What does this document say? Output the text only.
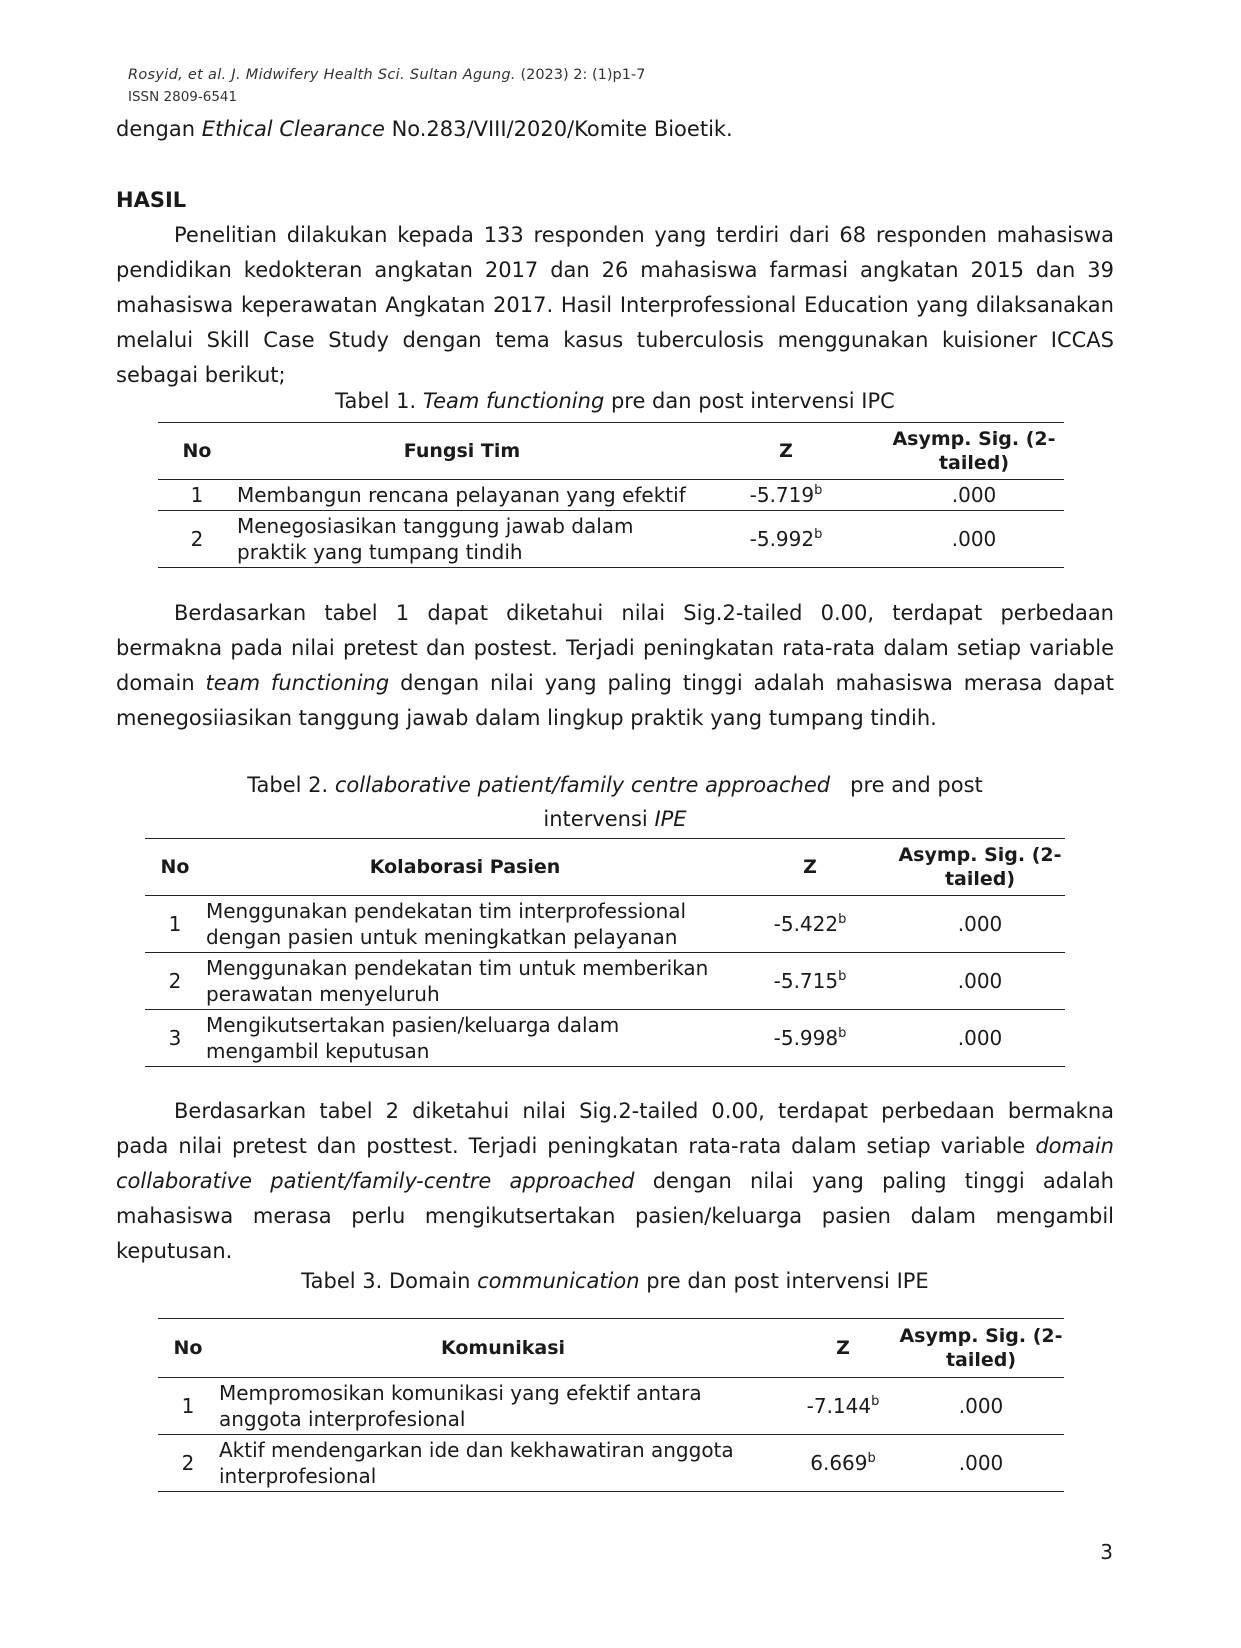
Rosyid, et al. J. Midwifery Health Sci. Sultan Agung. (2023) 2: (1)p1-7
ISSN 2809-6541
dengan Ethical Clearance No.283/VIII/2020/Komite Bioetik.
HASIL
Penelitian dilakukan kepada 133 responden yang terdiri dari 68 responden mahasiswa pendidikan kedokteran angkatan 2017 dan 26 mahasiswa farmasi angkatan 2015 dan 39 mahasiswa keperawatan Angkatan 2017. Hasil Interprofessional Education yang dilaksanakan melalui Skill Case Study dengan tema kasus tuberculosis menggunakan kuisioner ICCAS sebagai berikut;
Tabel 1. Team functioning pre dan post intervensi IPC
No	Fungsi Tim	Z	Asymp. Sig. (2-tailed)
1	Membangun rencana pelayanan yang efektif	-5.719$^b$	.000
2	Menegosiasikan tanggung jawab dalam praktik yang tumpang tindih	-5.992$^b$	.000
Berdasarkan tabel 1 dapat diketahui nilai Sig.2-tailed 0.00, terdapat perbedaan bermakna pada nilai pretest dan postest. Terjadi peningkatan rata-rata dalam setiap variable domain team functioning dengan nilai yang paling tinggi adalah mahasiswa merasa dapat menegosiiasikan tanggung jawab dalam lingkup praktik yang tumpang tindih.
Tabel 2. collaborative patient/family centre approached   pre and post
intervensi IPE
No	Kolaborasi Pasien	Z	Asymp. Sig. (2-tailed)
1	Menggunakan pendekatan tim interprofessional dengan pasien untuk meningkatkan pelayanan	-5.422$^b$	.000
2	Menggunakan pendekatan tim untuk memberikan perawatan menyeluruh	-5.715$^b$	.000
3	Mengikutsertakan pasien/keluarga dalam mengambil keputusan	-5.998$^b$	.000
Berdasarkan tabel 2 diketahui nilai Sig.2-tailed 0.00, terdapat perbedaan bermakna pada nilai pretest dan posttest. Terjadi peningkatan rata-rata dalam setiap variable domain collaborative patient/family-centre approached dengan nilai yang paling tinggi adalah mahasiswa merasa perlu mengikutsertakan pasien/keluarga pasien dalam mengambil keputusan.
Tabel 3. Domain communication pre dan post intervensi IPE
No	Komunikasi	Z	Asymp. Sig. (2-tailed)
1	Mempromosikan komunikasi yang efektif antara anggota interprofesional	-7.144$^b$	.000
2	Aktif mendengarkan ide dan kekhawatiran anggota interprofesional	6.669$^b$	.000
3
